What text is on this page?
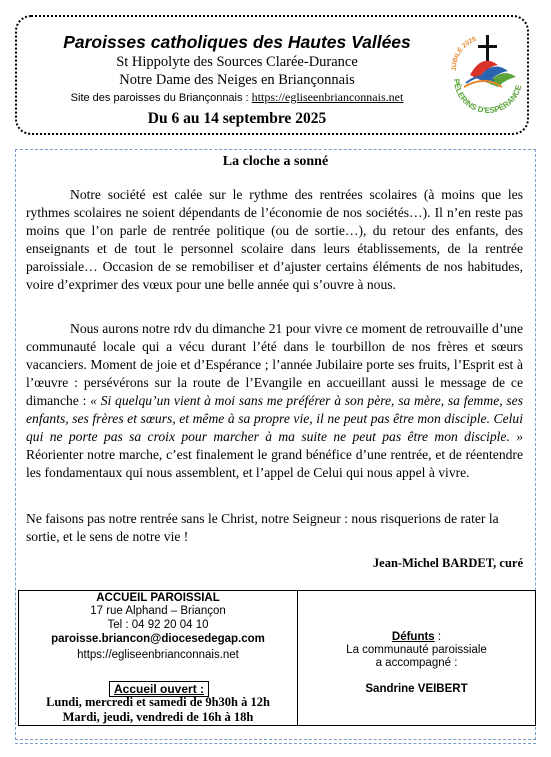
Paroisses catholiques des Hautes Vallées
St Hippolyte des Sources Clarée-Durance
Notre Dame des Neiges en Briançonnais
Site des paroisses du Briançonnais : https://egliseenbrianconnais.net
Du 6 au 14 septembre 2025
JUBILÉ 2025
PÈLERINS D'ESPÉRANCE
La cloche a sonné

Notre société est calée sur le rythme des rentrées scolaires (à moins que les rythmes scolaires ne soient dépendants de l’économie de nos sociétés…). Il n’en reste pas moins que l’on parle de rentrée politique (ou de sortie…), du retour des enfants, des enseignants et de tout le personnel scolaire dans leurs établissements, de la rentrée paroissiale… Occasion de se remobiliser et d’ajuster certains éléments de nos habitudes, voire d’exprimer des vœux pour une belle année qui s’ouvre à nous.

Nous aurons notre rdv du dimanche 21 pour vivre ce moment de retrouvaille d’une communauté locale qui a vécu durant l’été dans le tourbillon de nos frères et sœurs vacanciers. Moment de joie et d’Espérance ; l’année Jubilaire porte ses fruits, l’Esprit est à l’œuvre : persévérons sur la route de l’Evangile en accueillant aussi le message de ce dimanche : « Si quelqu’un vient à moi sans me préférer à son père, sa mère, sa femme, ses enfants, ses frères et sœurs, et même à sa propre vie, il ne peut pas être mon disciple. Celui qui ne porte pas sa croix pour marcher à ma suite ne peut pas être mon disciple. » Réorienter notre marche, c’est finalement le grand bénéfice d’une rentrée, et de réentendre les fondamentaux qui nous assemblent, et l’appel de Celui qui nous appel à vivre.

Ne faisons pas notre rentrée sans le Christ, notre Seigneur : nous risquerions de rater la sortie, et le sens de notre vie !

Jean-Michel BARDET, curé
ACCUEIL PAROISSIAL
17 rue Alphand – Briançon
Tel : 04 92 20 04 10
paroisse.briancon@diocesedegap.com
https://egliseenbrianconnais.net
Accueil ouvert :
Lundi, mercredi et samedi de 9h30h à 12h
Mardi, jeudi, vendredi de 16h à 18h
Défunts :
La communauté paroissiale
a accompagné :
Sandrine VEIBERT
